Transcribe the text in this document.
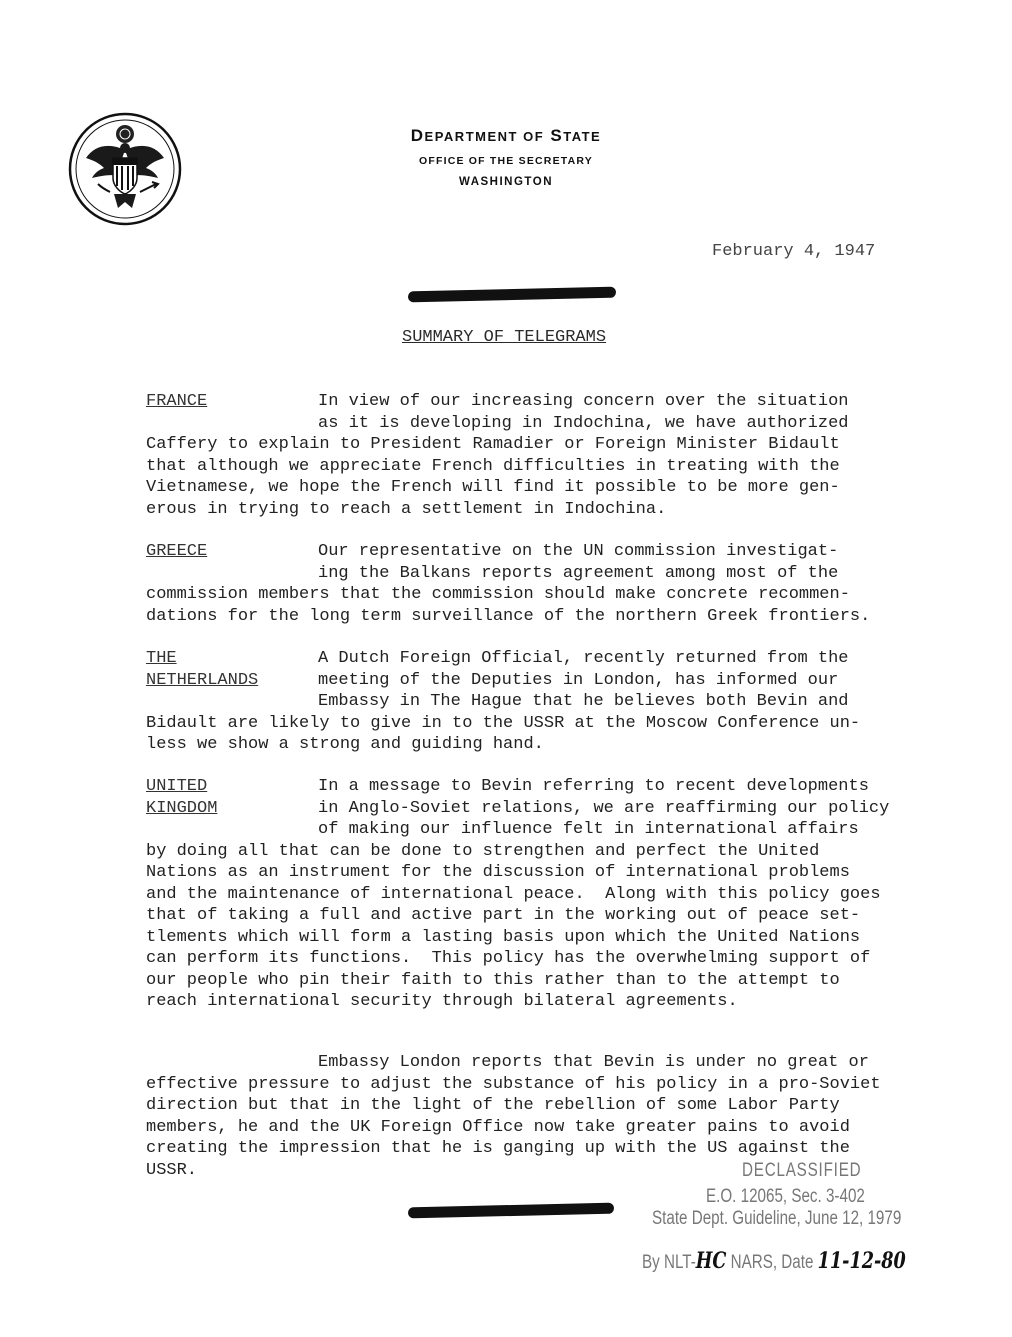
DEPARTMENT OF STATE
OFFICE OF THE SECRETARY
WASHINGTON
February 4, 1947
SUMMARY OF TELEGRAMS
FRANCE	In view of our increasing concern over the situation
as it is developing in Indochina, we have authorized
Caffery to explain to President Ramadier or Foreign Minister Bidault
that although we appreciate French difficulties in treating with the
Vietnamese, we hope the French will find it possible to be more gen-
erous in trying to reach a settlement in Indochina.
GREECE	Our representative on the UN commission investigat-
ing the Balkans reports agreement among most of the
commission members that the commission should make concrete recommen-
dations for the long term surveillance of the northern Greek frontiers.
THE
NETHERLANDS
A Dutch Foreign Official, recently returned from the
meeting of the Deputies in London, has informed our
Embassy in The Hague that he believes both Bevin and
Bidault are likely to give in to the USSR at the Moscow Conference un-
less we show a strong and guiding hand.
UNITED
KINGDOM
In a message to Bevin referring to recent developments
in Anglo-Soviet relations, we are reaffirming our policy
of making our influence felt in international affairs
by doing all that can be done to strengthen and perfect the United
Nations as an instrument for the discussion of international problems
and the maintenance of international peace.  Along with this policy goes
that of taking a full and active part in the working out of peace set-
tlements which will form a lasting basis upon which the United Nations
can perform its functions.  This policy has the overwhelming support of
our people who pin their faith to this rather than to the attempt to
reach international security through bilateral agreements.
Embassy London reports that Bevin is under no great or
effective pressure to adjust the substance of his policy in a pro-Soviet
direction but that in the light of the rebellion of some Labor Party
members, he and the UK Foreign Office now take greater pains to avoid
creating the impression that he is ganging up with the US against the
USSR.	DECLASSIFIED
E.O. 12065, Sec. 3-402
State Dept. Guideline, June 12, 1979
By NLT-HC NARS, Date 11-12-80
